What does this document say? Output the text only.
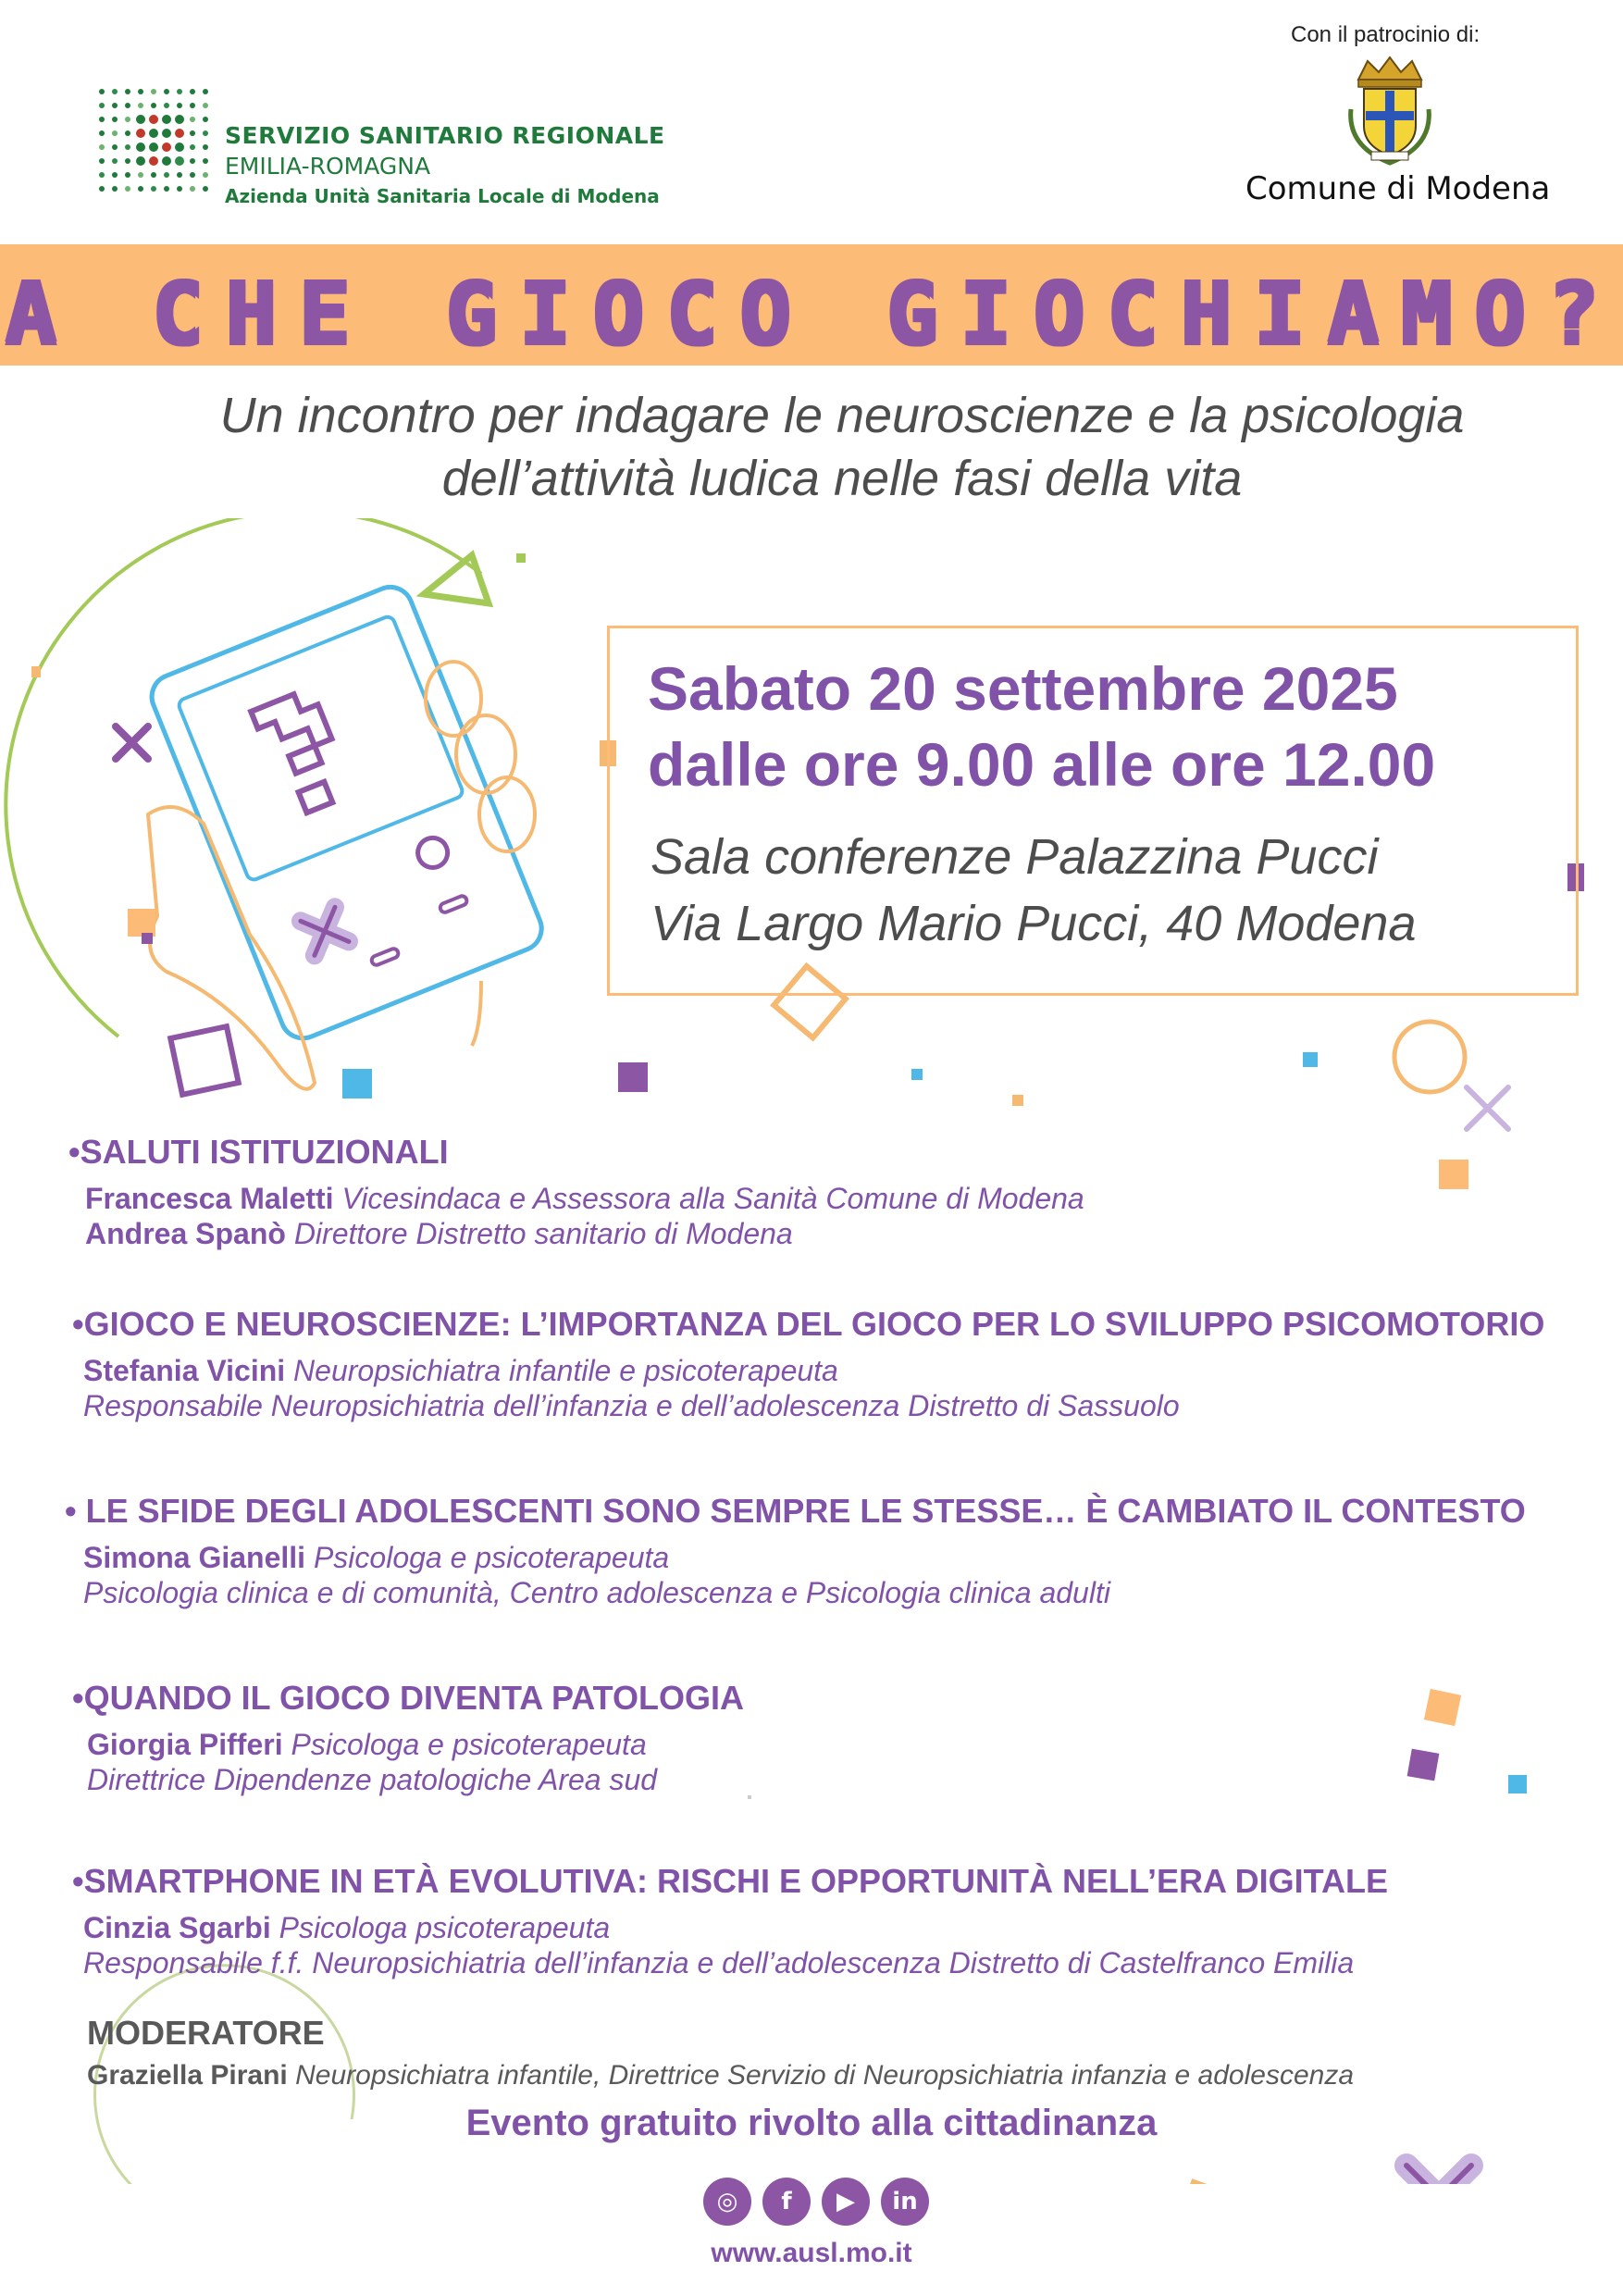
SERVIZIO SANITARIO REGIONALE
EMILIA-ROMAGNA
Azienda Unità Sanitaria Locale di Modena
Con il patrocinio di:
Comune di Modena
A CHE GIOCO GIOCHIAMO?
Un incontro per indagare le neuroscienze e la psicologia
dell’attività ludica nelle fasi della vita
Sabato 20 settembre 2025
dalle ore 9.00 alle ore 12.00
Sala conferenze Palazzina Pucci
Via Largo Mario Pucci, 40 Modena
•SALUTI ISTITUZIONALI
Francesca Maletti Vicesindaca e Assessora alla Sanità Comune di Modena
Andrea Spanò Direttore Distretto sanitario di Modena
•GIOCO E NEUROSCIENZE: L’IMPORTANZA DEL GIOCO PER LO SVILUPPO PSICOMOTORIO
Stefania Vicini Neuropsichiatra infantile e psicoterapeuta
Responsabile Neuropsichiatria dell’infanzia e dell’adolescenza Distretto di Sassuolo
• LE SFIDE DEGLI ADOLESCENTI SONO SEMPRE LE STESSE… È CAMBIATO IL CONTESTO
Simona Gianelli Psicologa e psicoterapeuta
Psicologia clinica e di comunità, Centro adolescenza e Psicologia clinica adulti
•QUANDO IL GIOCO DIVENTA PATOLOGIA
Giorgia Pifferi Psicologa e psicoterapeuta
Direttrice Dipendenze patologiche Area sud
•SMARTPHONE IN ETÀ EVOLUTIVA: RISCHI E OPPORTUNITÀ NELL’ERA DIGITALE
Cinzia Sgarbi Psicologa psicoterapeuta
Responsabile f.f. Neuropsichiatria dell’infanzia e dell’adolescenza Distretto di Castelfranco Emilia
MODERATORE
Graziella Pirani Neuropsichiatra infantile, Direttrice Servizio di Neuropsichiatria infanzia e adolescenza
Evento gratuito rivolto alla cittadinanza
◎	f	▶	in
www.ausl.mo.it
